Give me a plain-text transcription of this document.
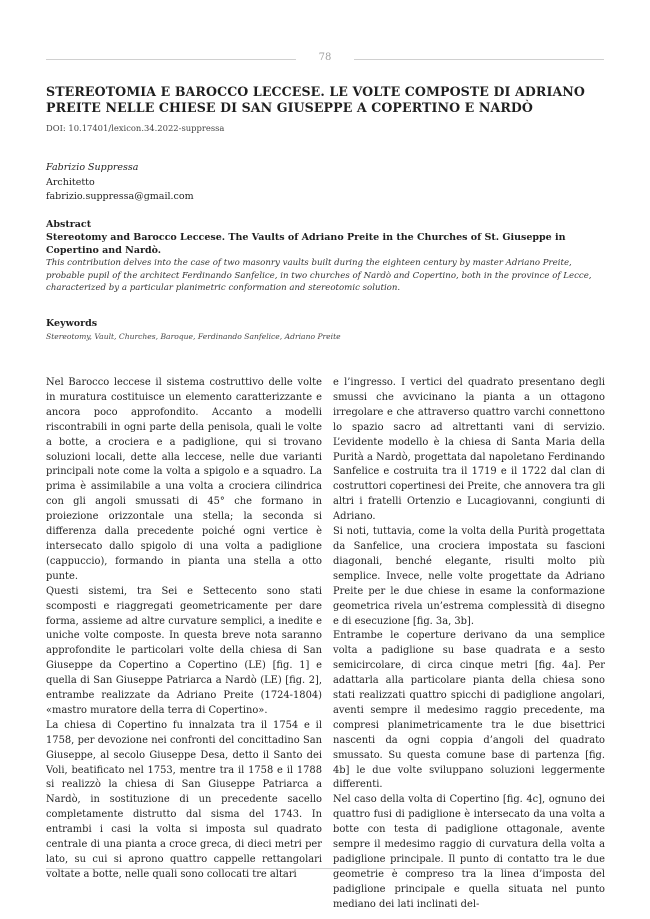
78
STEREOTOMIA E BAROCCO LECCESE. LE VOLTE COMPOSTE DI ADRIANO PREITE NELLE CHIESE DI SAN GIUSEPPE A COPERTINO E NARDÒ
DOI: 10.17401/lexicon.34.2022-suppressa
Fabrizio Suppressa
Architetto
fabrizio.suppressa@gmail.com
Abstract
Stereotomy and Barocco Leccese. The Vaults of Adriano Preite in the Churches of St. Giuseppe in Copertino and Nardò.
This contribution delves into the case of two masonry vaults built during the eighteen century by master Adriano Preite, probable pupil of the architect Ferdinando Sanfelice, in two churches of Nardò and Copertino, both in the province of Lecce, characterized by a particular planimetric conformation and stereotomic solution.
Keywords
Stereotomy, Vault, Churches, Baroque, Ferdinando Sanfelice, Adriano Preite

Nel Barocco leccese il sistema costruttivo delle volte in muratura costituisce un elemento caratterizzante e ancora poco approfondito. Accanto a modelli riscontrabili in ogni parte della penisola, quali le volte a botte, a crociera e a padiglione, qui si trovano soluzioni locali, dette alla leccese, nelle due varianti principali note come la volta a spigolo e a squadro. La prima è assimilabile a una volta a crociera cilindrica con gli angoli smussati di 45° che formano in proiezione orizzontale una stella; la seconda si differenza dalla precedente poiché ogni vertice è intersecato dallo spigolo di una volta a padiglione (cappuccio), formando in pianta una stella a otto punte.

Questi sistemi, tra Sei e Settecento sono stati scomposti e riaggregati geometricamente per dare forma, assieme ad altre curvature semplici, a inedite e uniche volte composte. In questa breve nota saranno approfondite le particolari volte della chiesa di San Giuseppe da Copertino a Copertino (LE) [fig. 1] e quella di San Giuseppe Patriarca a Nardò (LE) [fig. 2], entrambe realizzate da Adriano Preite (1724-1804) «mastro muratore della terra di Copertino».

La chiesa di Copertino fu innalzata tra il 1754 e il 1758, per devozione nei confronti del concittadino San Giuseppe, al secolo Giuseppe Desa, detto il Santo dei Voli, beatificato nel 1753, mentre tra il 1758 e il 1788 si realizzò la chiesa di San Giuseppe Patriarca a Nardò, in sostituzione di un precedente sacello completamente distrutto dal sisma del 1743. In entrambi i casi la volta si imposta sul quadrato centrale di una pianta a croce greca, di dieci metri per lato, su cui si aprono quattro cappelle rettangolari voltate a botte, nelle quali sono collocati tre altari

e l’ingresso. I vertici del quadrato presentano degli smussi che avvicinano la pianta a un ottagono irregolare e che attraverso quattro varchi connettono lo spazio sacro ad altrettanti vani di servizio. L’evidente modello è la chiesa di Santa Maria della Purità a Nardò, progettata dal napoletano Ferdinando Sanfelice e costruita tra il 1719 e il 1722 dal clan di costruttori copertinesi dei Preite, che annovera tra gli altri i fratelli Ortenzio e Lucagiovanni, congiunti di Adriano.

Si noti, tuttavia, come la volta della Purità progettata da Sanfelice, una crociera impostata su fascioni diagonali, benché elegante, risulti molto più semplice. Invece, nelle volte progettate da Adriano Preite per le due chiese in esame la conformazione geometrica rivela un’estrema complessità di disegno e di esecuzione [fig. 3a, 3b].

Entrambe le coperture derivano da una semplice volta a padiglione su base quadrata e a sesto semicircolare, di circa cinque metri [fig. 4a]. Per adattarla alla particolare pianta della chiesa sono stati realizzati quattro spicchi di padiglione angolari, aventi sempre il medesimo raggio precedente, ma compresi planimetricamente tra le due bisettrici nascenti da ogni coppia d’angoli del quadrato smussato. Su questa comune base di partenza [fig. 4b] le due volte sviluppano soluzioni leggermente differenti.

Nel caso della volta di Copertino [fig. 4c], ognuno dei quattro fusi di padiglione è intersecato da una volta a botte con testa di padiglione ottagonale, avente sempre il medesimo raggio di curvatura della volta a padiglione principale. Il punto di contatto tra le due geometrie è compreso tra la linea d’imposta del padiglione principale e quella situata nel punto mediano dei lati inclinati del-
